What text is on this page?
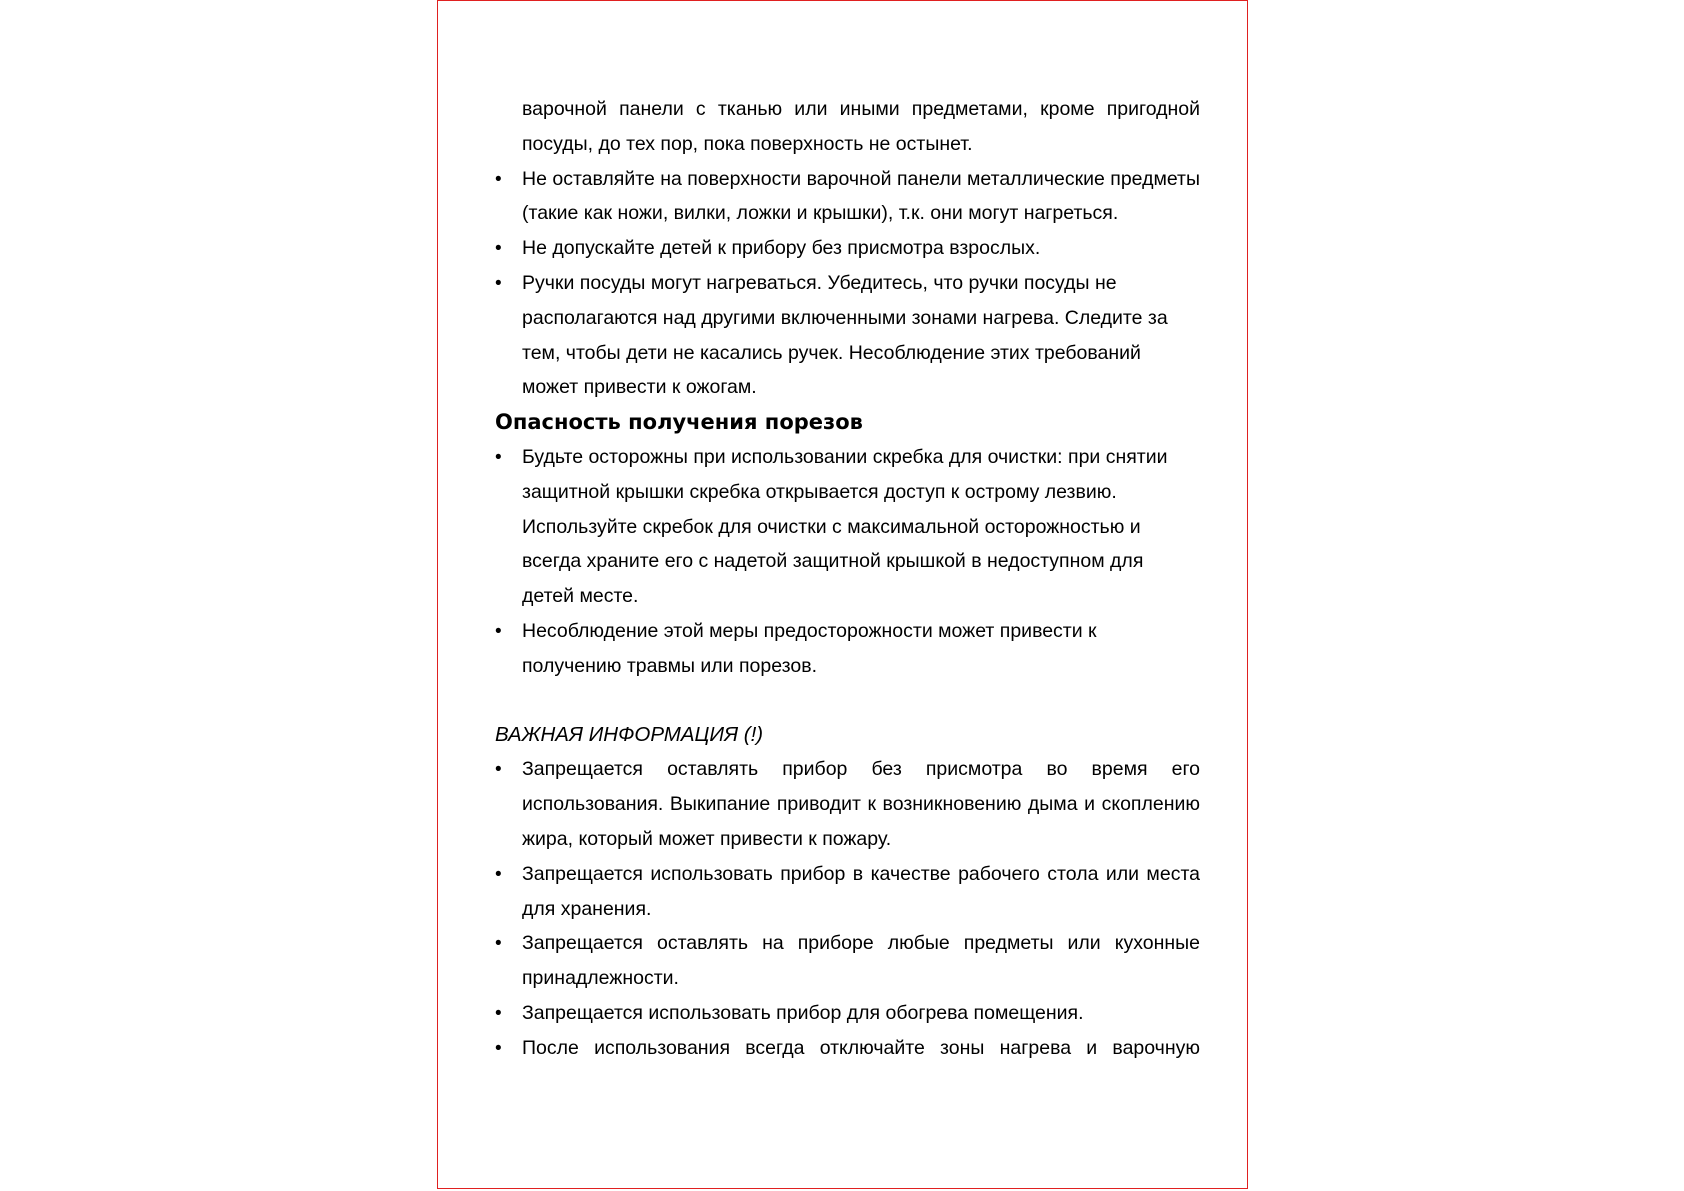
варочной панели с тканью или иными предметами, кроме пригодной посуды, до тех пор, пока поверхность не остынет.

• Не оставляйте на поверхности варочной панели металлические предметы (такие как ножи, вилки, ложки и крышки), т.к. они могут нагреться.
• Не допускайте детей к прибору без присмотра взрослых.
• Ручки посуды могут нагреваться. Убедитесь, что ручки посуды не располагаются над другими включенными зонами нагрева. Следите за тем, чтобы дети не касались ручек. Несоблюдение этих требований может привести к ожогам.
Опасность получения порезов
• Будьте осторожны при использовании скребка для очистки: при снятии защитной крышки скребка открывается доступ к острому лезвию. Используйте скребок для очистки с максимальной осторожностью и всегда храните его с надетой защитной крышкой в недоступном для детей месте.
• Несоблюдение этой меры предосторожности может привести к получению травмы или порезов.
ВАЖНАЯ ИНФОРМАЦИЯ (!)
• Запрещается оставлять прибор без присмотра во время его использования. Выкипание приводит к возникновению дыма и скоплению жира, который может привести к пожару.
• Запрещается использовать прибор в качестве рабочего стола или места для хранения.
• Запрещается оставлять на приборе любые предметы или кухонные принадлежности.
• Запрещается использовать прибор для обогрева помещения.
• После использования всегда отключайте зоны нагрева и варочную
